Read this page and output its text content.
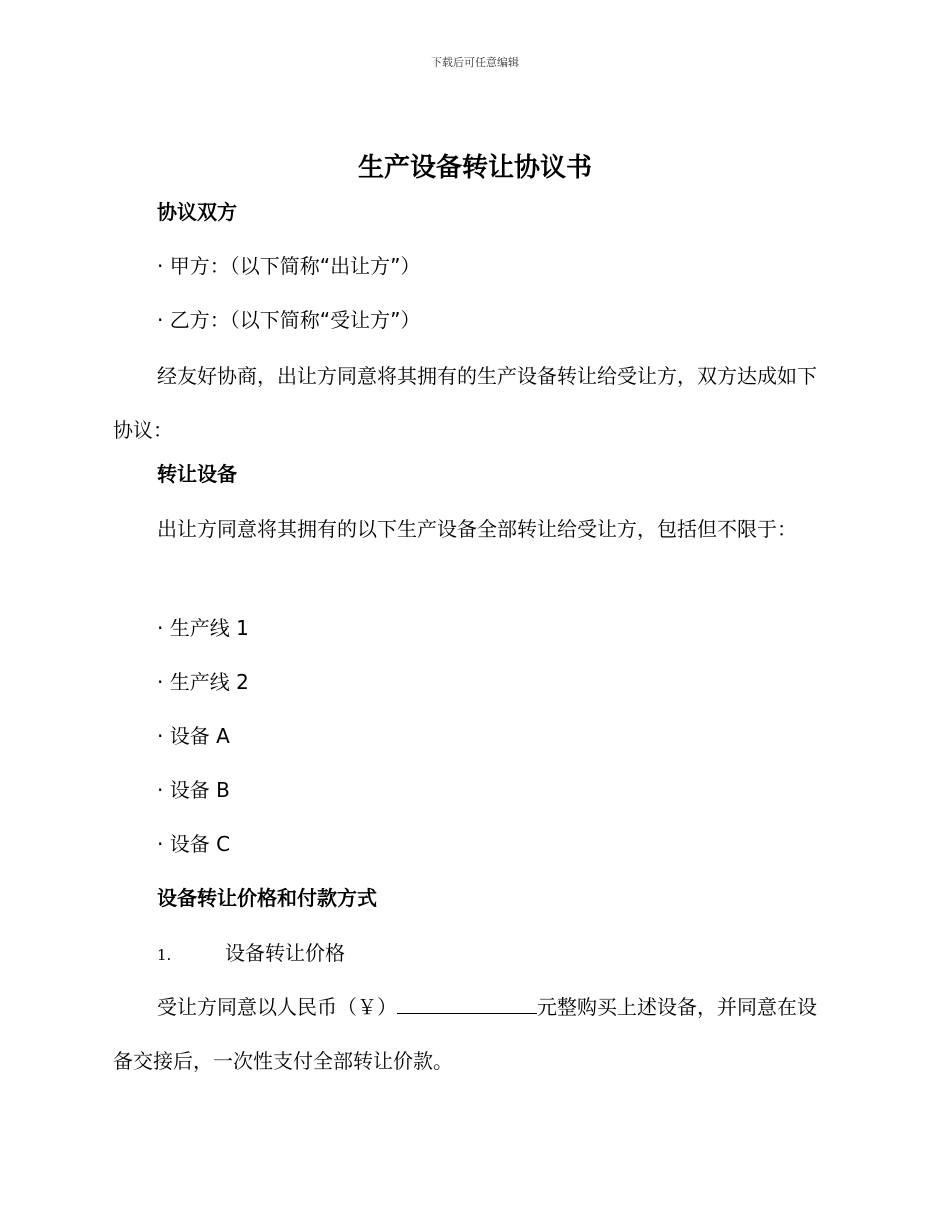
下载后可任意编辑
生产设备转让协议书
协议双方
· 甲方：（以下简称“出让方”）
· 乙方：（以下简称“受让方”）

经友好协商，出让方同意将其拥有的生产设备转让给受让方，双方达成如下协议：

转让设备

出让方同意将其拥有的以下生产设备全部转让给受让方，包括但不限于：

· 生产线 1
· 生产线 2
· 设备 A
· 设备 B
· 设备 C
设备转让价格和付款方式
1.	设备转让价格

受让方同意以人民币（￥）	元整购买上述设备，并同意在设备交接后，一次性支付全部转让价款。
